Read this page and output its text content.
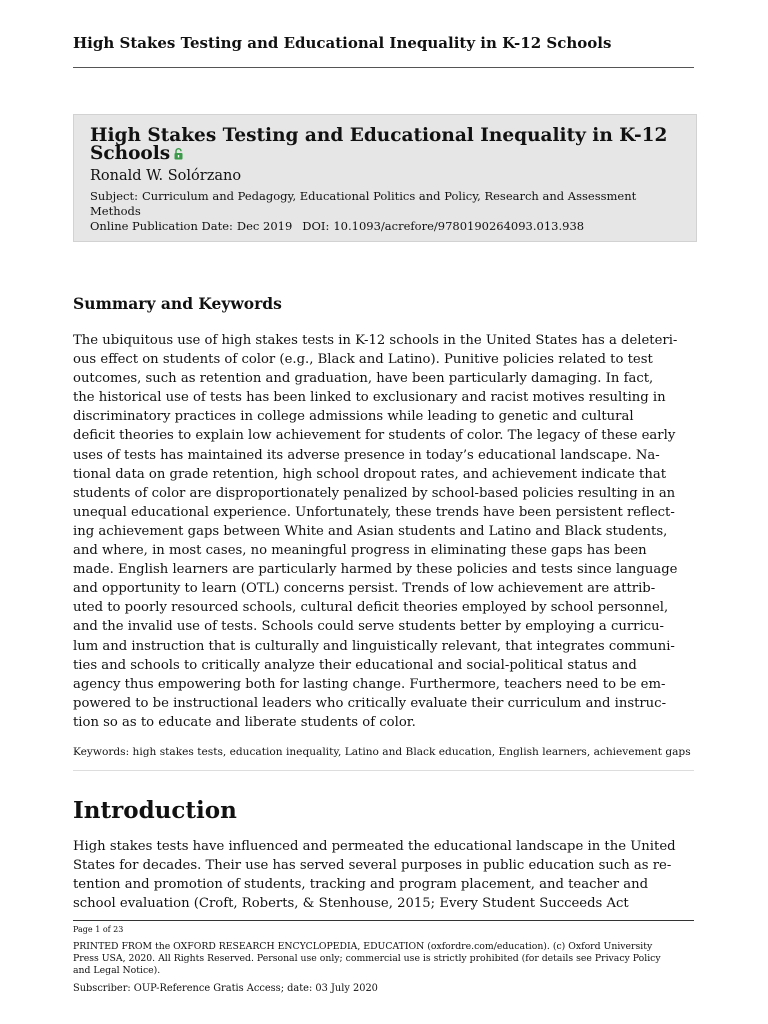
High Stakes Testing and Educational Inequality in K-12 Schools
High Stakes Testing and Educational Inequality in K-12 Schools
Ronald W. Solórzano
Subject: Curriculum and Pedagogy, Educational Politics and Policy, Research and Assessment Methods
Online Publication Date: Dec 2019 DOI: 10.1093/acrefore/9780190264093.013.938
Summary and Keywords
The ubiquitous use of high stakes tests in K-12 schools in the United States has a deleteri-
ous effect on students of color (e.g., Black and Latino). Punitive policies related to test
outcomes, such as retention and graduation, have been particularly damaging. In fact,
the historical use of tests has been linked to exclusionary and racist motives resulting in
discriminatory practices in college admissions while leading to genetic and cultural
deficit theories to explain low achievement for students of color. The legacy of these early
uses of tests has maintained its adverse presence in today’s educational landscape. Na-
tional data on grade retention, high school dropout rates, and achievement indicate that
students of color are disproportionately penalized by school-based policies resulting in an
unequal educational experience. Unfortunately, these trends have been persistent reflect-
ing achievement gaps between White and Asian students and Latino and Black students,
and where, in most cases, no meaningful progress in eliminating these gaps has been
made. English learners are particularly harmed by these policies and tests since language
and opportunity to learn (OTL) concerns persist. Trends of low achievement are attrib-
uted to poorly resourced schools, cultural deficit theories employed by school personnel,
and the invalid use of tests. Schools could serve students better by employing a curricu-
lum and instruction that is culturally and linguistically relevant, that integrates communi-
ties and schools to critically analyze their educational and social-political status and
agency thus empowering both for lasting change. Furthermore, teachers need to be em-
powered to be instructional leaders who critically evaluate their curriculum and instruc-
tion so as to educate and liberate students of color.
Keywords: high stakes tests, education inequality, Latino and Black education, English learners, achievement gaps
Introduction
High stakes tests have influenced and permeated the educational landscape in the United
States for decades. Their use has served several purposes in public education such as re-
tention and promotion of students, tracking and program placement, and teacher and
school evaluation (Croft, Roberts, & Stenhouse, 2015; Every Student Succeeds Act
Page 1 of 23
PRINTED FROM the OXFORD RESEARCH ENCYCLOPEDIA, EDUCATION (oxfordre.com/education). (c) Oxford University
Press USA, 2020. All Rights Reserved. Personal use only; commercial use is strictly prohibited (for details see Privacy Policy
and Legal Notice).
Subscriber: OUP-Reference Gratis Access; date: 03 July 2020
